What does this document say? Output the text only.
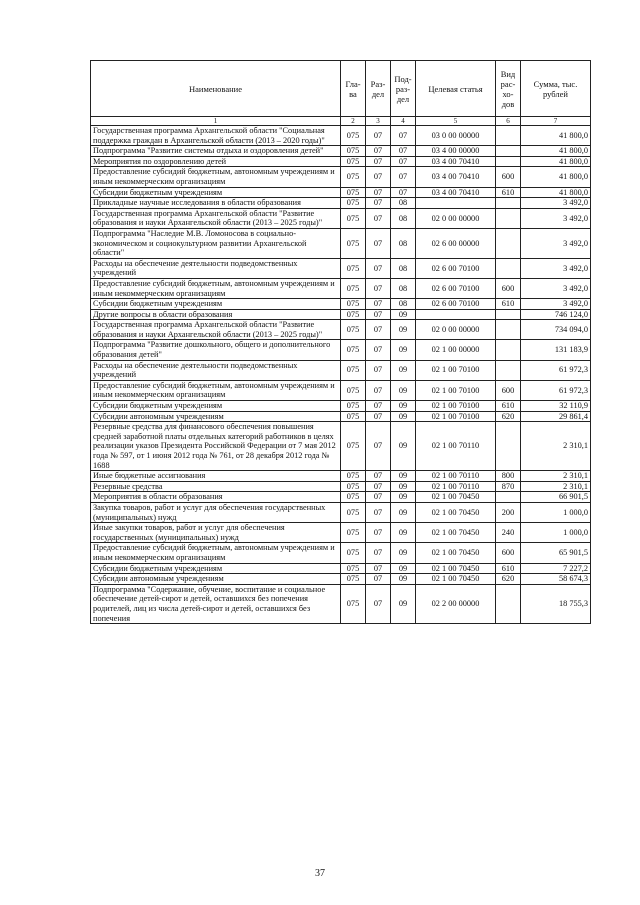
Наименование	Гла- ва	Раз- дел	Под- раз- дел	Целевая статья	Вид рас- хо- дов	Сумма, тыс. рублей
1	2	3	4	5	6	7
Государственная программа Архангельской области "Социальная поддержка граждан в Архангельской области (2013 – 2020 годы)"	075	07	07	03 0 00 00000		41 800,0
Подпрограмма "Развитие системы отдыха и оздоровления детей"	075	07	07	03 4 00 00000		41 800,0
Мероприятия по оздоровлению детей	075	07	07	03 4 00 70410		41 800,0
Предоставление субсидий бюджетным, автономным учреждениям и иным некоммерческим организациям	075	07	07	03 4 00 70410	600	41 800,0
Субсидии бюджетным учреждениям	075	07	07	03 4 00 70410	610	41 800,0
Прикладные научные исследования в области образования	075	07	08			3 492,0
Государственная программа Архангельской области "Развитие образования и науки Архангельской области (2013 – 2025 годы)"	075	07	08	02 0 00 00000		3 492,0
Подпрограмма "Наследие М.В. Ломоносова в социально-экономическом и социокультурном развитии Архангельской области"	075	07	08	02 6 00 00000		3 492,0
Расходы на обеспечение деятельности подведомственных учреждений	075	07	08	02 6 00 70100		3 492,0
Предоставление субсидий бюджетным, автономным учреждениям и иным некоммерческим организациям	075	07	08	02 6 00 70100	600	3 492,0
Субсидии бюджетным учреждениям	075	07	08	02 6 00 70100	610	3 492,0
Другие вопросы в области образования	075	07	09			746 124,0
Государственная программа Архангельской области "Развитие образования и науки Архангельской области (2013 – 2025 годы)"	075	07	09	02 0 00 00000		734 094,0
Подпрограмма "Развитие дошкольного, общего и дополнительного образования детей"	075	07	09	02 1 00 00000		131 183,9
Расходы на обеспечение деятельности подведомственных учреждений	075	07	09	02 1 00 70100		61 972,3
Предоставление субсидий бюджетным, автономным учреждениям и иным некоммерческим организациям	075	07	09	02 1 00 70100	600	61 972,3
Субсидии бюджетным учреждениям	075	07	09	02 1 00 70100	610	32 110,9
Субсидии автономным учреждениям	075	07	09	02 1 00 70100	620	29 861,4
Резервные средства для финансового обеспечения повышения средней заработной платы отдельных категорий работников в целях реализации указов Президента Российской Федерации от 7 мая 2012 года № 597, от 1 июня 2012 года № 761, от 28 декабря 2012 года № 1688	075	07	09	02 1 00 70110		2 310,1
Иные бюджетные ассигнования	075	07	09	02 1 00 70110	800	2 310,1
Резервные средства	075	07	09	02 1 00 70110	870	2 310,1
Мероприятия в области образования	075	07	09	02 1 00 70450		66 901,5
Закупка товаров, работ и услуг для обеспечения государственных (муниципальных) нужд	075	07	09	02 1 00 70450	200	1 000,0
Иные закупки товаров, работ и услуг для обеспечения государственных (муниципальных) нужд	075	07	09	02 1 00 70450	240	1 000,0
Предоставление субсидий бюджетным, автономным учреждениям и иным некоммерческим организациям	075	07	09	02 1 00 70450	600	65 901,5
Субсидии бюджетным учреждениям	075	07	09	02 1 00 70450	610	7 227,2
Субсидии автономным учреждениям	075	07	09	02 1 00 70450	620	58 674,3
Подпрограмма "Содержание, обучение, воспитание и социальное обеспечение детей-сирот и детей, оставшихся без попечения родителей, лиц из числа детей-сирот и детей, оставшихся без попечения	075	07	09	02 2 00 00000		18 755,3
37
